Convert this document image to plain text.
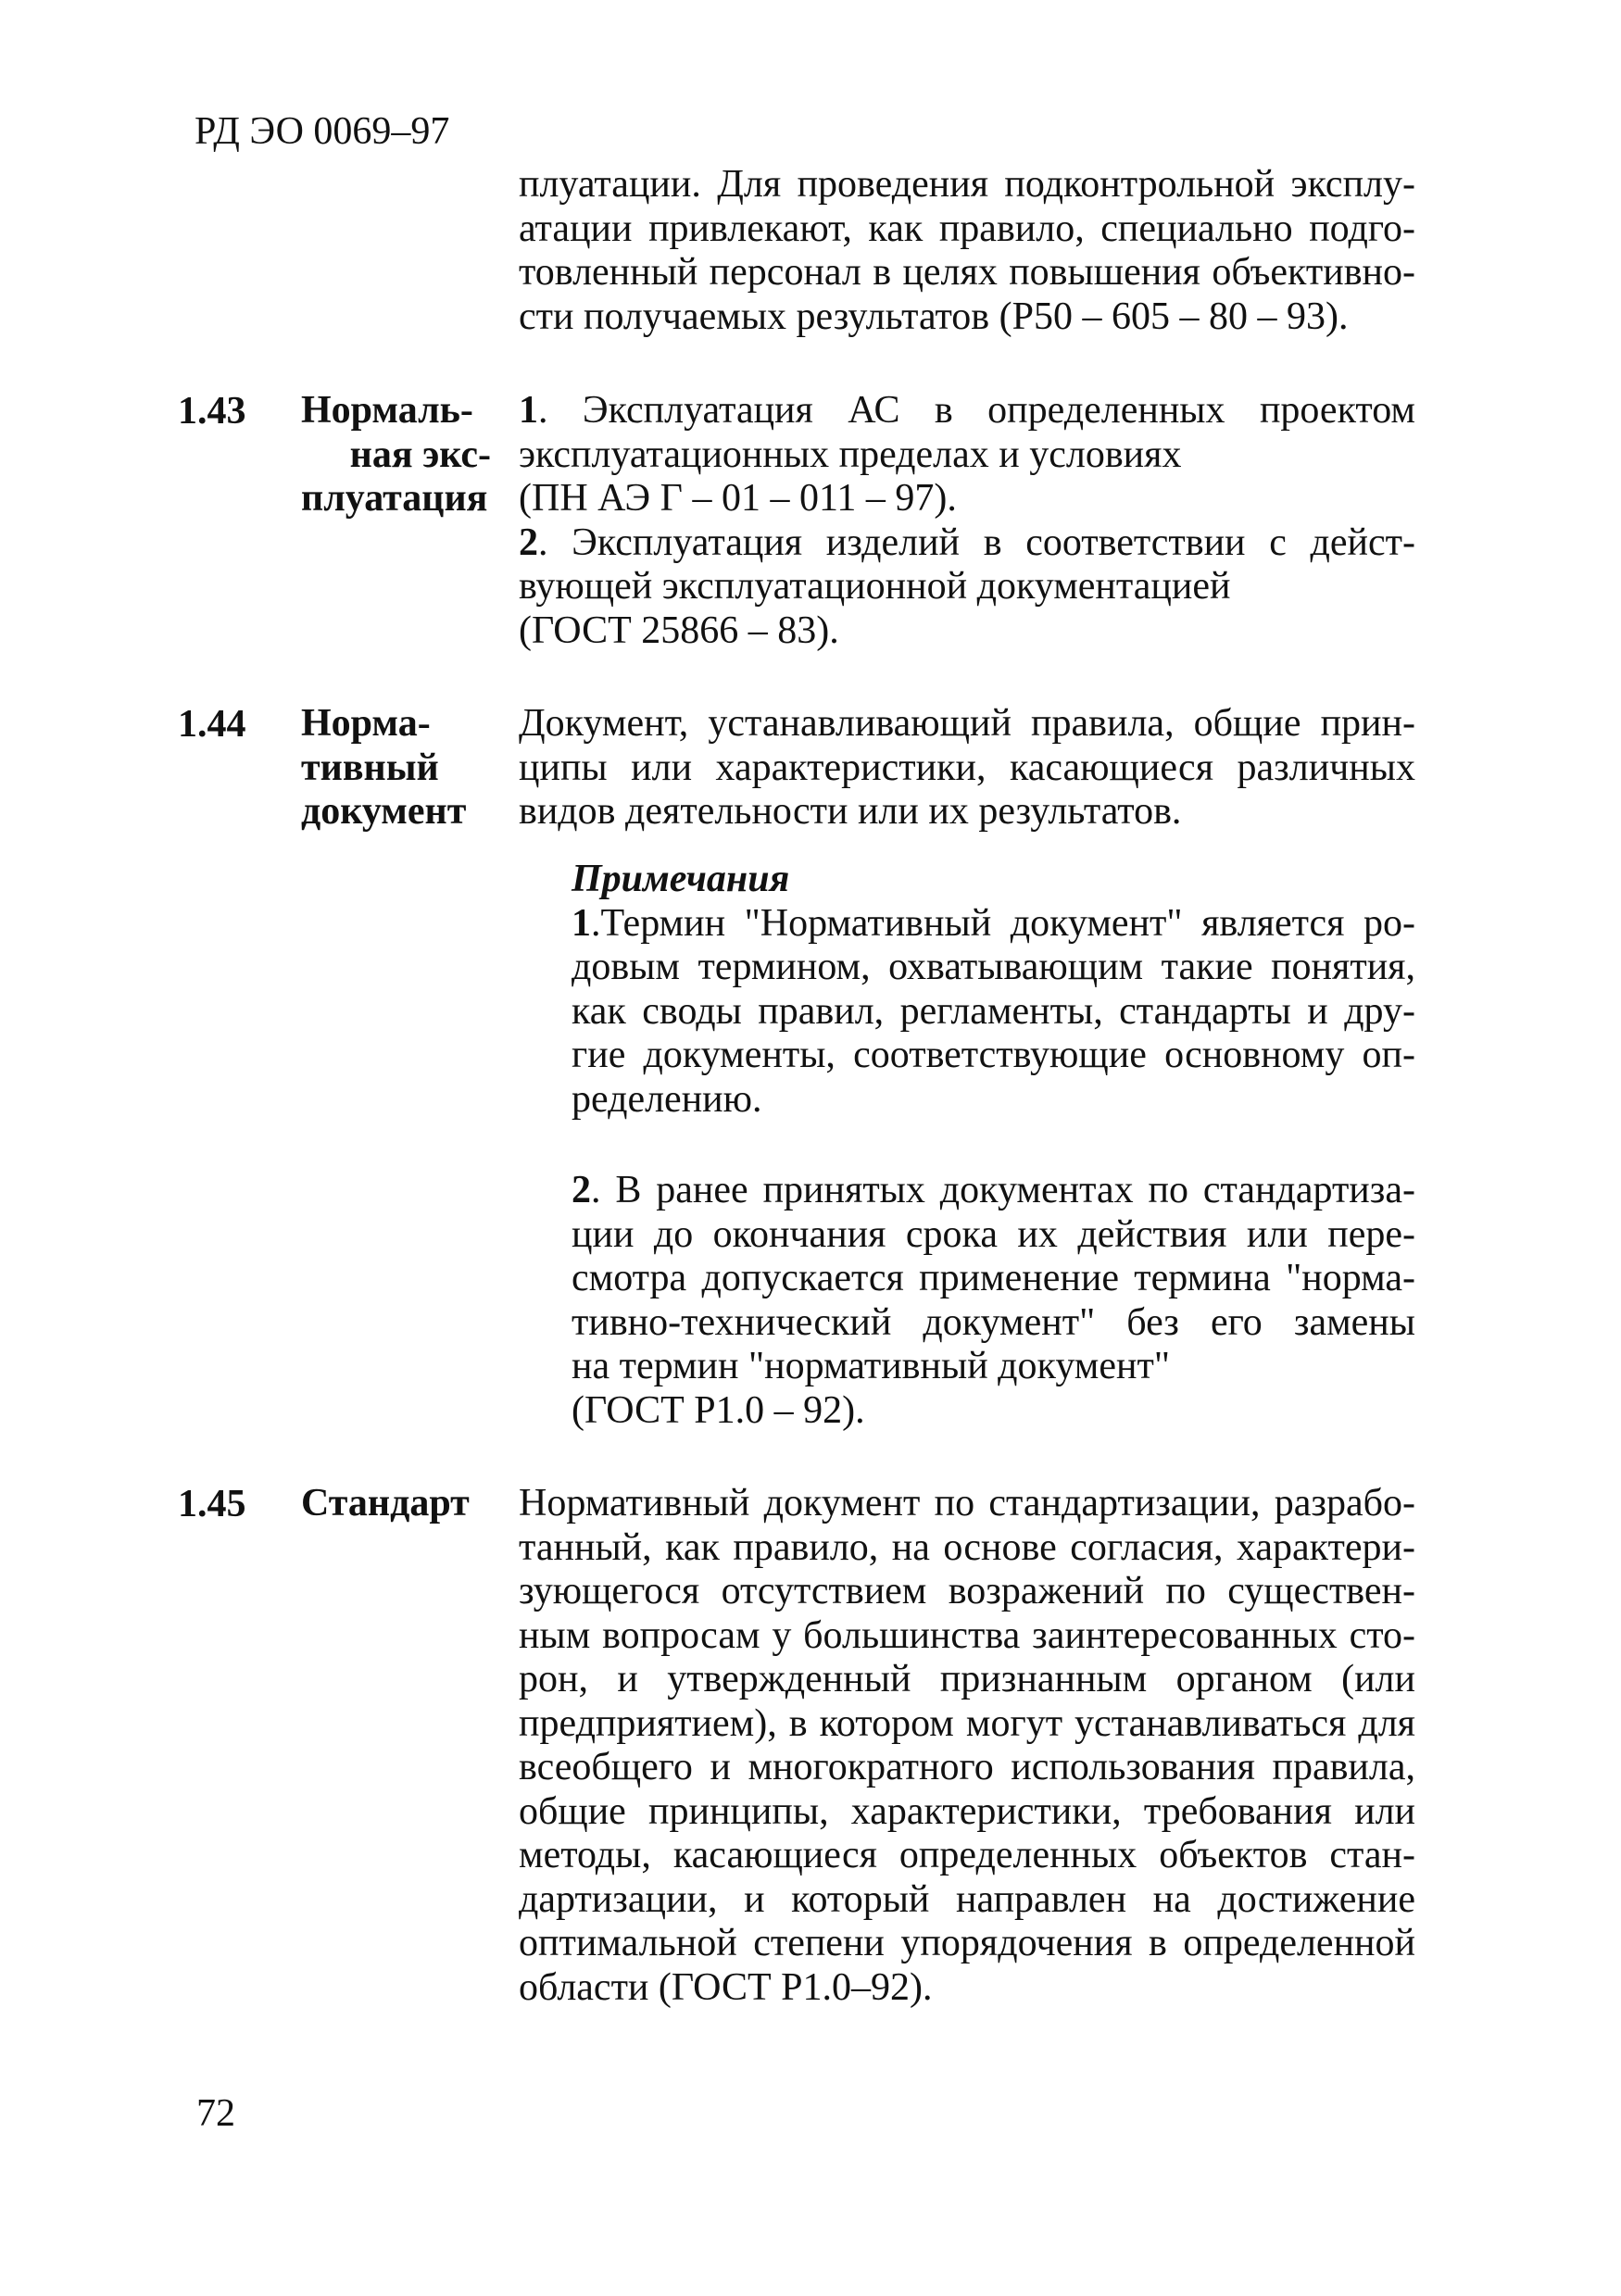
РД ЭО 0069–97
плуатации. Для проведения подконтрольной эксплу-
атации привлекают, как правило, специально подго-
товленный персонал в целях повышения объективно-
сти получаемых результатов (Р50 – 605 – 80 – 93).
1.43 Нормаль-
ная экс-
плуатация
1. Эксплуатация АС в определенных проектом
эксплуатационных пределах и условиях
(ПН АЭ Г – 01 – 011 – 97).
2. Эксплуатация изделий в соответствии с дейст-
вующей эксплуатационной документацией
(ГОСТ 25866 – 83).
1.44 Норма-
тивный
документ
Документ, устанавливающий правила, общие прин-
ципы или характеристики, касающиеся различных
видов деятельности или их результатов.
Примечания
1.Термин "Нормативный документ" является ро-
довым термином, охватывающим такие понятия,
как своды правил, регламенты, стандарты и дру-
гие документы, соответствующие основному оп-
ределению.
2. В ранее принятых документах по стандартиза-
ции до окончания срока их действия или пере-
смотра допускается применение термина "норма-
тивно-технический документ" без его замены
на термин "нормативный документ"
(ГОСТ Р1.0 – 92).
1.45 Стандарт	Нормативный документ по стандартизации, разрабо-
танный, как правило, на основе согласия, характери-
зующегося отсутствием возражений по существен-
ным вопросам у большинства заинтересованных сто-
рон, и утвержденный признанным органом (или
предприятием), в котором могут устанавливаться для
всеобщего и многократного использования правила,
общие принципы, характеристики, требования или
методы, касающиеся определенных объектов стан-
дартизации, и который направлен на достижение
оптимальной степени упорядочения в определенной
области (ГОСТ Р1.0–92).
72
